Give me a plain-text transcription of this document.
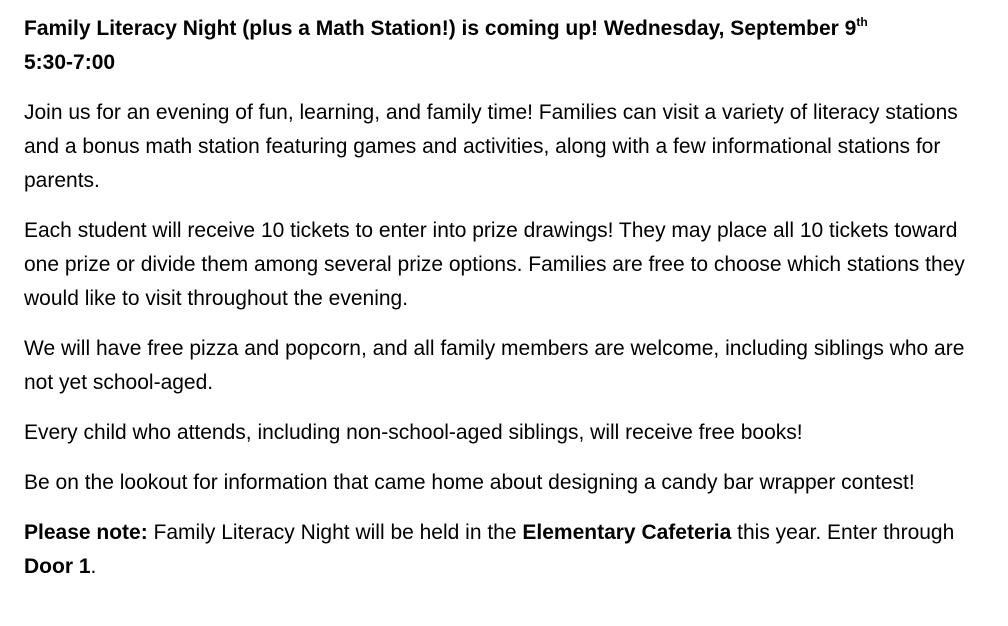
Family Literacy Night (plus a Math Station!) is coming up! Wednesday, September 9th
5:30-7:00

Join us for an evening of fun, learning, and family time! Families can visit a variety of literacy stations and a bonus math station featuring games and activities, along with a few informational stations for parents.

Each student will receive 10 tickets to enter into prize drawings! They may place all 10 tickets toward one prize or divide them among several prize options. Families are free to choose which stations they would like to visit throughout the evening.

We will have free pizza and popcorn, and all family members are welcome, including siblings who are not yet school-aged.

Every child who attends, including non-school-aged siblings, will receive free books!

Be on the lookout for information that came home about designing a candy bar wrapper contest!

Please note: Family Literacy Night will be held in the Elementary Cafeteria this year. Enter through Door 1.
